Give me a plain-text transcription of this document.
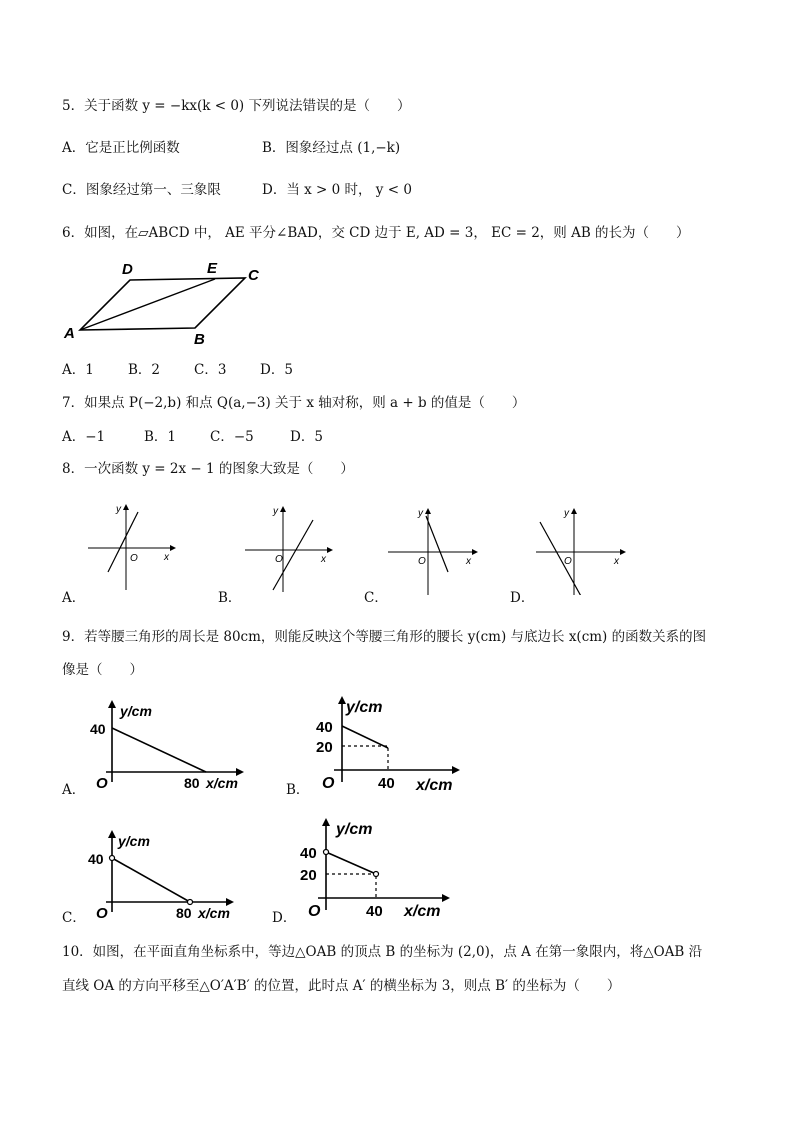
5．关于函数 y = −kx(k < 0) 下列说法错误的是（　　）
A．它是正比例函数	B．图象经过点 (1,−k)
C．图象经过第一、三象限	D．当 x > 0 时， y < 0
6．如图，在▱ABCD 中， AE 平分∠BAD，交 CD 边于 E, AD = 3， EC = 2，则 AB 的长为（　　）
A	B
C
D	E
A．1	B．2	C．3 D．5
7．如果点 P(−2,b) 和点 Q(a,−3) 关于 x 轴对称，则 a + b 的值是（　　）
A．−1	B．1	C．−5	D．5
8．一次函数 y = 2x − 1 的图象大致是（　　）
y
x
O
y
x
O
y
x
O
y
x
O
A．	B．	C．	D．
9．若等腰三角形的周长是 80cm，则能反映这个等腰三角形的腰长 y(cm) 与底边长 x(cm) 的函数关系的图
像是（　　）
y/cm
40
O	80 x/cm
A．
y/cm
40
20
O	40 x/cm
B．
y/cm
40
O	80 x/cm
C．
y/cm
40
20
O	40 x/cm
D．
10．如图，在平面直角坐标系中，等边△OAB 的顶点 B 的坐标为 (2,0)，点 A 在第一象限内，将△OAB 沿
直线 OA 的方向平移至△O′A′B′ 的位置，此时点 A′ 的横坐标为 3，则点 B′ 的坐标为（　　）
